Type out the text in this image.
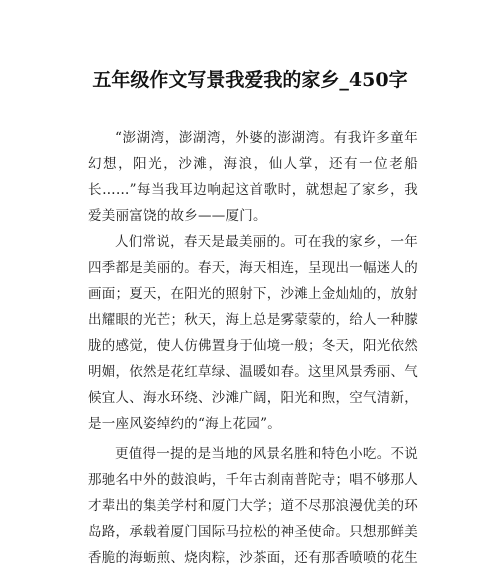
五年级作文写景我爱我的家乡_450字
“澎湖湾，澎湖湾，外婆的澎湖湾。有我许多童年
幻想，阳光，沙滩，海浪，仙人掌，还有一位老船
长……”每当我耳边响起这首歌时，就想起了家乡，我
爱美丽富饶的故乡——厦门。
人们常说，春天是最美丽的。可在我的家乡，一年
四季都是美丽的。春天，海天相连，呈现出一幅迷人的
画面；夏天，在阳光的照射下，沙滩上金灿灿的，放射
出耀眼的光芒；秋天，海上总是雾蒙蒙的，给人一种朦
胧的感觉，使人仿佛置身于仙境一般；冬天，阳光依然
明媚，依然是花红草绿、温暖如春。这里风景秀丽、气
候宜人、海水环绕、沙滩广阔，阳光和煦，空气清新，
是一座风姿绰约的“海上花园”。
更值得一提的是当地的风景名胜和特色小吃。不说
那驰名中外的鼓浪屿，千年古刹南普陀寺；唱不够那人
才辈出的集美学村和厦门大学；道不尽那浪漫优美的环
岛路，承载着厦门国际马拉松的神圣使命。只想那鲜美
香脆的海蛎煎、烧肉粽，沙茶面，还有那香喷喷的花生
